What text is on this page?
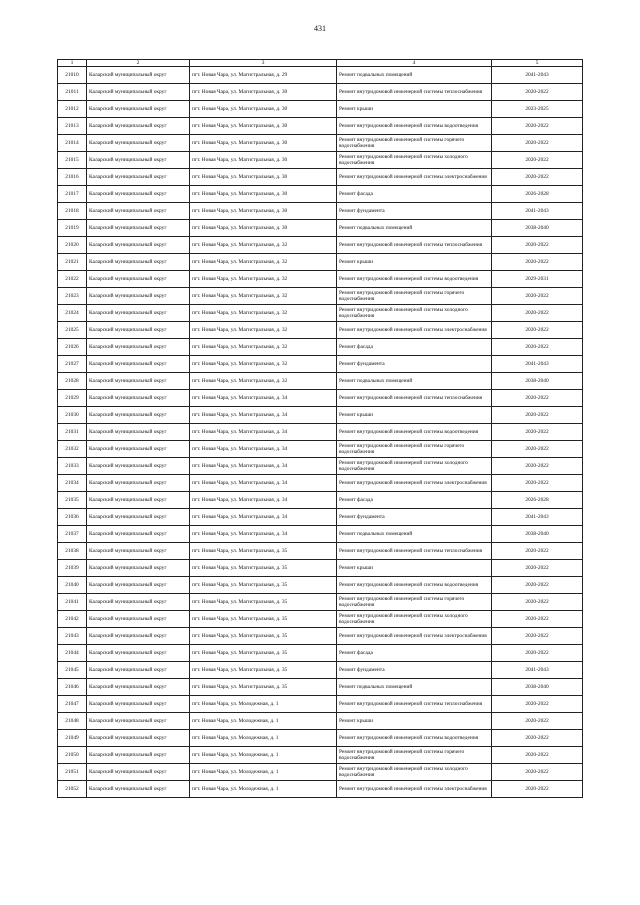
431
1	2	3	4	5
21010	Каларский муниципальный округ	пгт. Новая Чара, ул. Магистральная, д. 29	Ремонт подвальных помещений	2041-2043
21011	Каларский муниципальный округ	пгт. Новая Чара, ул. Магистральная, д. 30	Ремонт внутридомовой инженерной системы теплоснабжения	2020-2022
21012	Каларский муниципальный округ	пгт. Новая Чара, ул. Магистральная, д. 30	Ремонт крыши	2023-2025
21013	Каларский муниципальный округ	пгт. Новая Чара, ул. Магистральная, д. 30	Ремонт внутридомовой инженерной системы водоотведения	2020-2022
21014	Каларский муниципальный округ	пгт. Новая Чара, ул. Магистральная, д. 30	Ремонт внутридомовой инженерной системы горячего водоснабжения	2020-2022
21015	Каларский муниципальный округ	пгт. Новая Чара, ул. Магистральная, д. 30	Ремонт внутридомовой инженерной системы холодного водоснабжения	2020-2022
21016	Каларский муниципальный округ	пгт. Новая Чара, ул. Магистральная, д. 30	Ремонт внутридомовой инженерной системы электроснабжения	2020-2022
21017	Каларский муниципальный округ	пгт. Новая Чара, ул. Магистральная, д. 30	Ремонт фасада	2026-2028
21018	Каларский муниципальный округ	пгт. Новая Чара, ул. Магистральная, д. 30	Ремонт фундамента	2041-2043
21019	Каларский муниципальный округ	пгт. Новая Чара, ул. Магистральная, д. 30	Ремонт подвальных помещений	2038-2040
21020	Каларский муниципальный округ	пгт. Новая Чара, ул. Магистральная, д. 32	Ремонт внутридомовой инженерной системы теплоснабжения	2020-2022
21021	Каларский муниципальный округ	пгт. Новая Чара, ул. Магистральная, д. 32	Ремонт крыши	2020-2022
21022	Каларский муниципальный округ	пгт. Новая Чара, ул. Магистральная, д. 32	Ремонт внутридомовой инженерной системы водоотведения	2029-2031
21023	Каларский муниципальный округ	пгт. Новая Чара, ул. Магистральная, д. 32	Ремонт внутридомовой инженерной системы горячего водоснабжения	2020-2022
21024	Каларский муниципальный округ	пгт. Новая Чара, ул. Магистральная, д. 32	Ремонт внутридомовой инженерной системы холодного водоснабжения	2020-2022
21025	Каларский муниципальный округ	пгт. Новая Чара, ул. Магистральная, д. 32	Ремонт внутридомовой инженерной системы электроснабжения	2020-2022
21026	Каларский муниципальный округ	пгт. Новая Чара, ул. Магистральная, д. 32	Ремонт фасада	2020-2022
21027	Каларский муниципальный округ	пгт. Новая Чара, ул. Магистральная, д. 32	Ремонт фундамента	2041-2043
21028	Каларский муниципальный округ	пгт. Новая Чара, ул. Магистральная, д. 32	Ремонт подвальных помещений	2038-2040
21029	Каларский муниципальный округ	пгт. Новая Чара, ул. Магистральная, д. 34	Ремонт внутридомовой инженерной системы теплоснабжения	2020-2022
21030	Каларский муниципальный округ	пгт. Новая Чара, ул. Магистральная, д. 34	Ремонт крыши	2020-2022
21031	Каларский муниципальный округ	пгт. Новая Чара, ул. Магистральная, д. 34	Ремонт внутридомовой инженерной системы водоотведения	2020-2022
21032	Каларский муниципальный округ	пгт. Новая Чара, ул. Магистральная, д. 34	Ремонт внутридомовой инженерной системы горячего водоснабжения	2020-2022
21033	Каларский муниципальный округ	пгт. Новая Чара, ул. Магистральная, д. 34	Ремонт внутридомовой инженерной системы холодного водоснабжения	2020-2022
21034	Каларский муниципальный округ	пгт. Новая Чара, ул. Магистральная, д. 34	Ремонт внутридомовой инженерной системы электроснабжения	2020-2022
21035	Каларский муниципальный округ	пгт. Новая Чара, ул. Магистральная, д. 34	Ремонт фасада	2026-2028
21036	Каларский муниципальный округ	пгт. Новая Чара, ул. Магистральная, д. 34	Ремонт фундамента	2041-2043
21037	Каларский муниципальный округ	пгт. Новая Чара, ул. Магистральная, д. 34	Ремонт подвальных помещений	2038-2040
21038	Каларский муниципальный округ	пгт. Новая Чара, ул. Магистральная, д. 35	Ремонт внутридомовой инженерной системы теплоснабжения	2020-2022
21039	Каларский муниципальный округ	пгт. Новая Чара, ул. Магистральная, д. 35	Ремонт крыши	2020-2022
21040	Каларский муниципальный округ	пгт. Новая Чара, ул. Магистральная, д. 35	Ремонт внутридомовой инженерной системы водоотведения	2020-2022
21041	Каларский муниципальный округ	пгт. Новая Чара, ул. Магистральная, д. 35	Ремонт внутридомовой инженерной системы горячего водоснабжения	2020-2022
21042	Каларский муниципальный округ	пгт. Новая Чара, ул. Магистральная, д. 35	Ремонт внутридомовой инженерной системы холодного водоснабжения	2020-2022
21043	Каларский муниципальный округ	пгт. Новая Чара, ул. Магистральная, д. 35	Ремонт внутридомовой инженерной системы электроснабжения	2020-2022
21044	Каларский муниципальный округ	пгт. Новая Чара, ул. Магистральная, д. 35	Ремонт фасада	2020-2022
21045	Каларский муниципальный округ	пгт. Новая Чара, ул. Магистральная, д. 35	Ремонт фундамента	2041-2043
21046	Каларский муниципальный округ	пгт. Новая Чара, ул. Магистральная, д. 35	Ремонт подвальных помещений	2038-2040
21047	Каларский муниципальный округ	пгт. Новая Чара, ул. Молодежная, д. 1	Ремонт внутридомовой инженерной системы теплоснабжения	2020-2022
21048	Каларский муниципальный округ	пгт. Новая Чара, ул. Молодежная, д. 1	Ремонт крыши	2020-2022
21049	Каларский муниципальный округ	пгт. Новая Чара, ул. Молодежная, д. 1	Ремонт внутридомовой инженерной системы водоотведения	2020-2022
21050	Каларский муниципальный округ	пгт. Новая Чара, ул. Молодежная, д. 1	Ремонт внутридомовой инженерной системы горячего водоснабжения	2020-2022
21051	Каларский муниципальный округ	пгт. Новая Чара, ул. Молодежная, д. 1	Ремонт внутридомовой инженерной системы холодного водоснабжения	2020-2022
21052	Каларский муниципальный округ	пгт. Новая Чара, ул. Молодежная, д. 1	Ремонт внутридомовой инженерной системы электроснабжения	2020-2022
